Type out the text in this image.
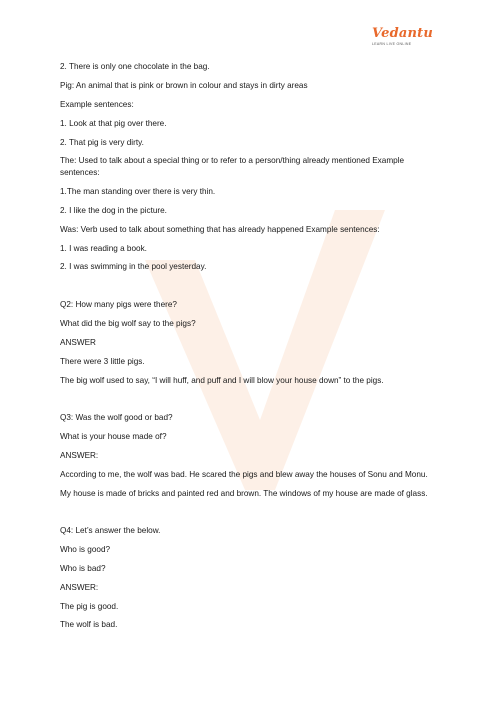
Vedantu
LEARN LIVE ONLINE
2. There is only one chocolate in the bag.
Pig: An animal that is pink or brown in colour and stays in dirty areas
Example sentences:
1. Look at that pig over there.
2. That pig is very dirty.
The: Used to talk about a special thing or to refer to a person/thing already mentioned Example
sentences:
1.The man standing over there is very thin.
2. I like the dog in the picture.
Was: Verb used to talk about something that has already happened Example sentences:
1. I was reading a book.
2. I was swimming in the pool yesterday.
Q2: How many pigs were there?
What did the big wolf say to the pigs?
ANSWER
There were 3 little pigs.
The big wolf used to say, “I will huff, and puff and I will blow your house down” to the pigs.
Q3: Was the wolf good or bad?
What is your house made of?
ANSWER:
According to me, the wolf was bad. He scared the pigs and blew away the houses of Sonu and Monu.
My house is made of bricks and painted red and brown. The windows of my house are made of glass.
Q4: Let’s answer the below.
Who is good?
Who is bad?
ANSWER:
The pig is good.
The wolf is bad.
